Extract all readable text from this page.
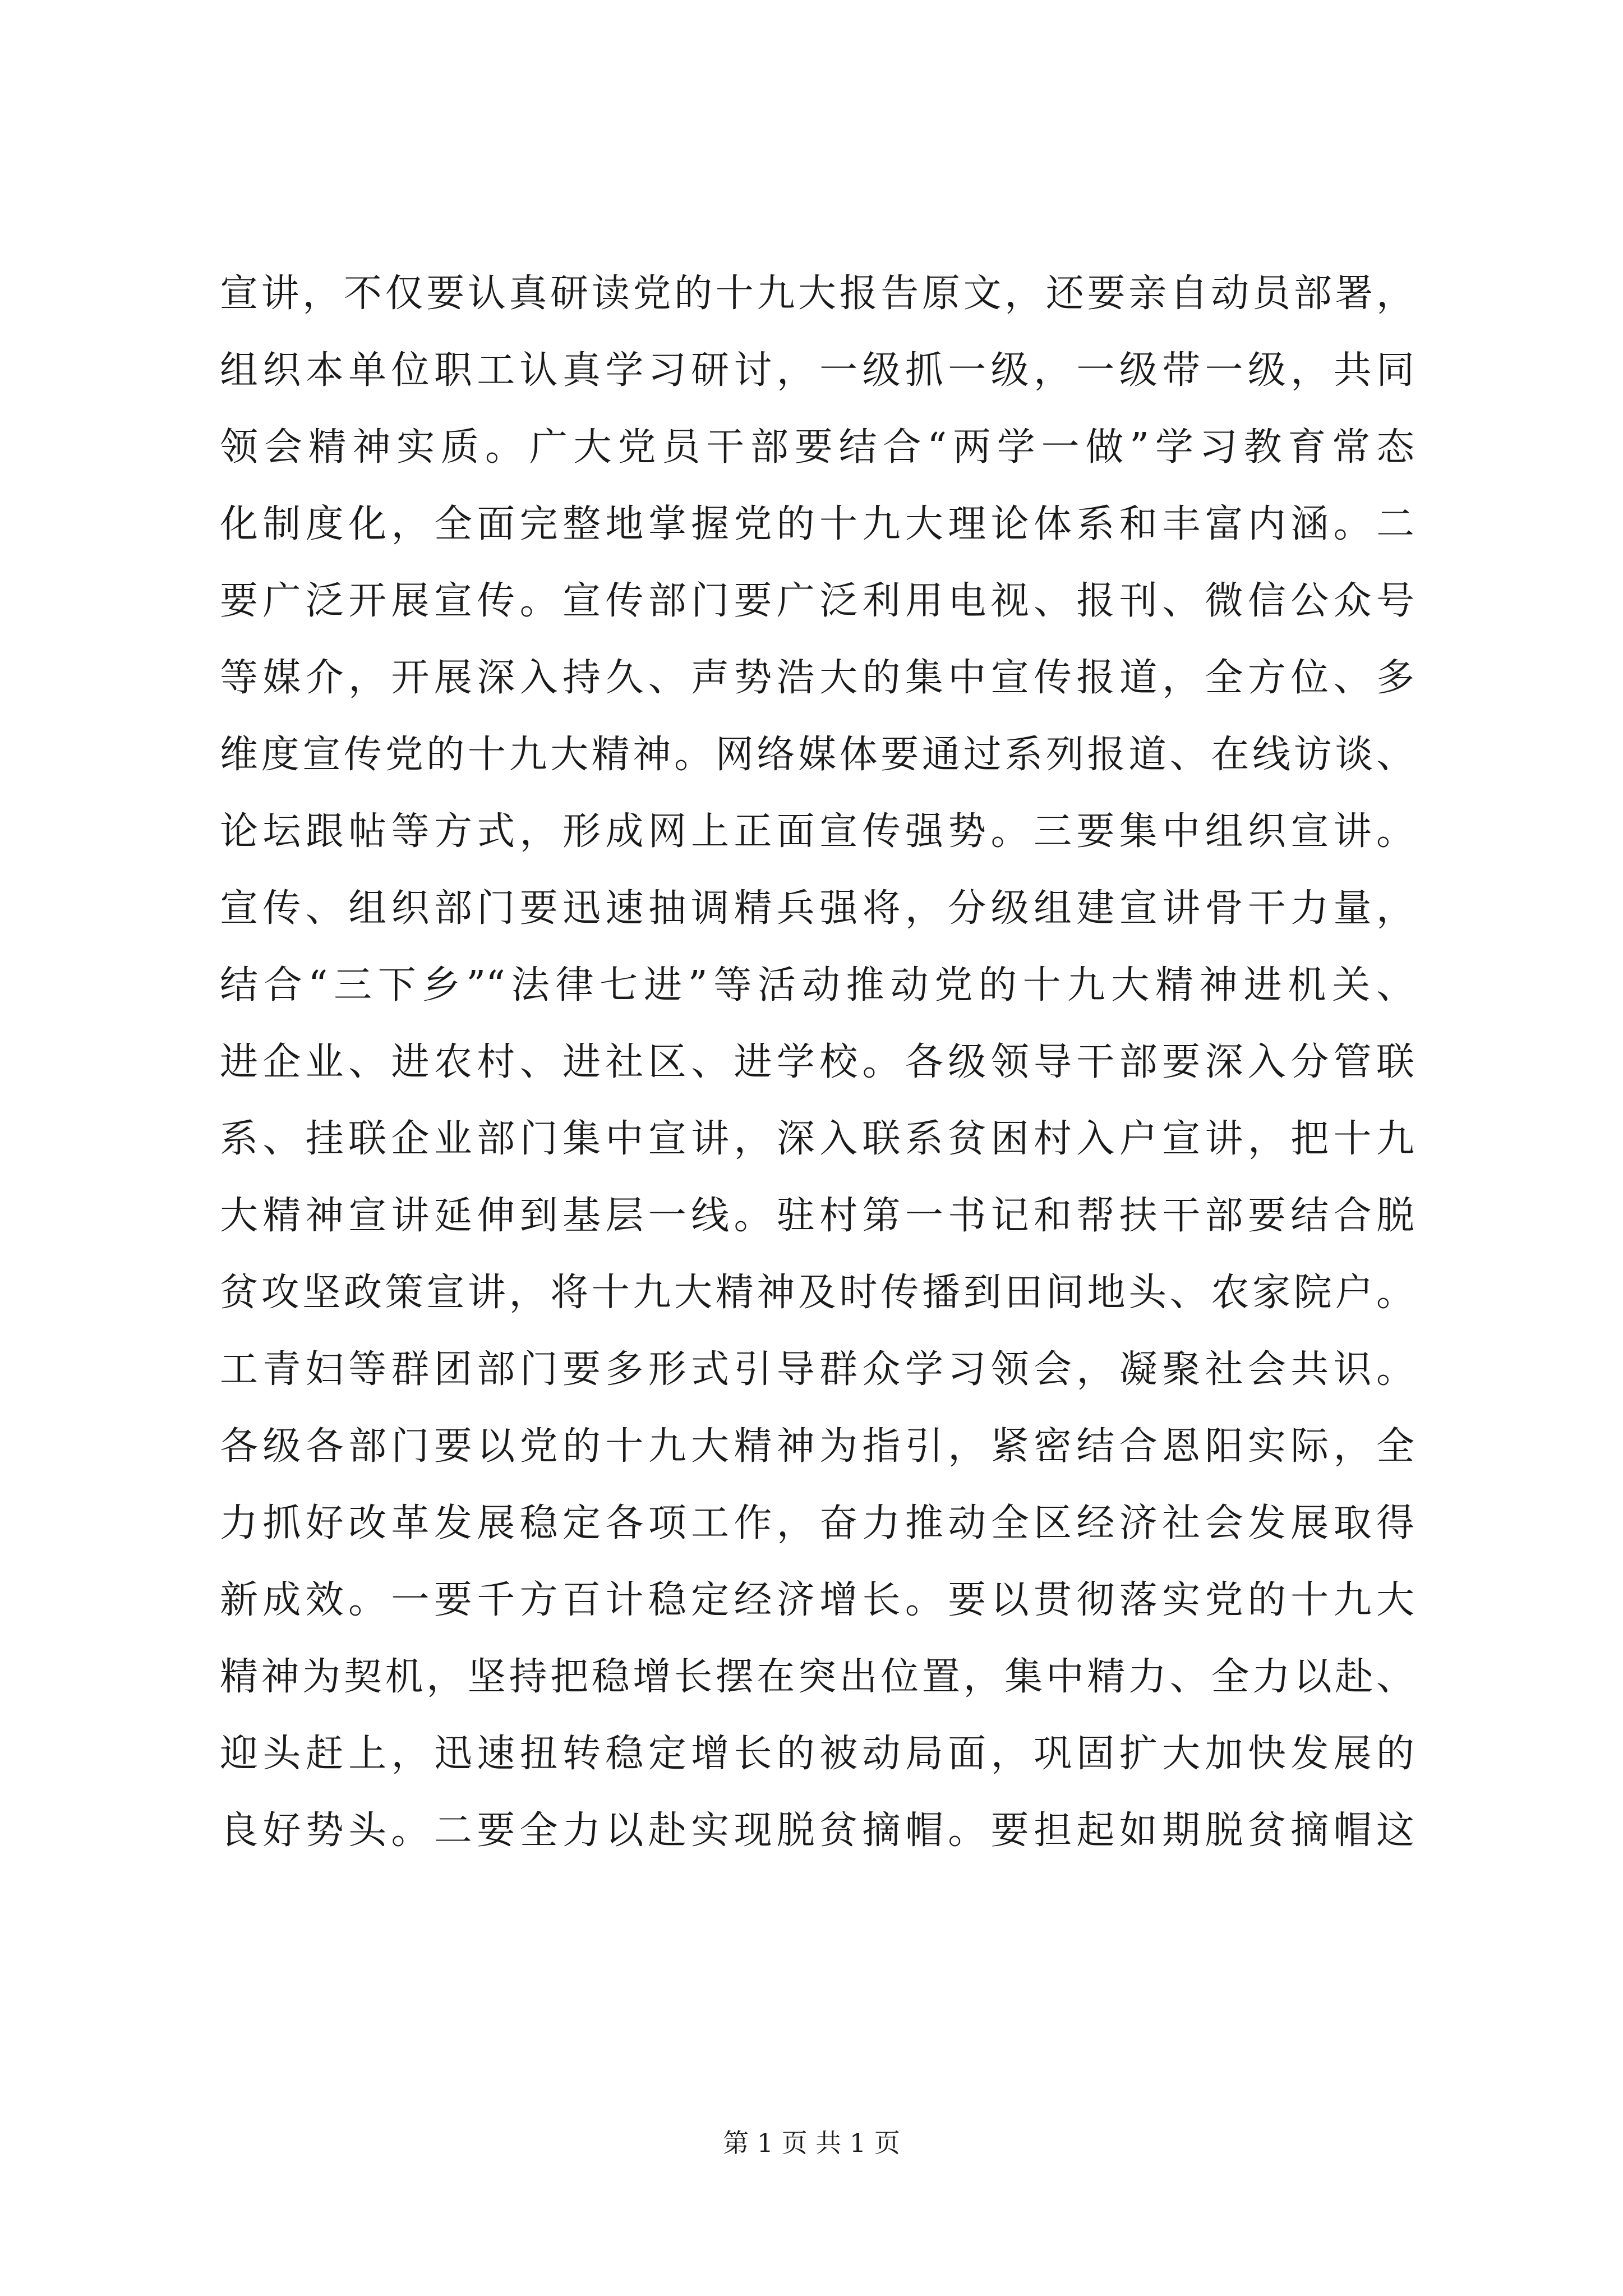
宣讲，不仅要认真研读党的十九大报告原文，还要亲自动员部署，
组织本单位职工认真学习研讨，一级抓一级，一级带一级，共同
领会精神实质。广大党员干部要结合“两学一做”学习教育常态
化制度化，全面完整地掌握党的十九大理论体系和丰富内涵。二
要广泛开展宣传。宣传部门要广泛利用电视、报刊、微信公众号
等媒介，开展深入持久、声势浩大的集中宣传报道，全方位、多
维度宣传党的十九大精神。网络媒体要通过系列报道、在线访谈、
论坛跟帖等方式，形成网上正面宣传强势。三要集中组织宣讲。
宣传、组织部门要迅速抽调精兵强将，分级组建宣讲骨干力量，
结合“三下乡”“法律七进”等活动推动党的十九大精神进机关、
进企业、进农村、进社区、进学校。各级领导干部要深入分管联
系、挂联企业部门集中宣讲，深入联系贫困村入户宣讲，把十九
大精神宣讲延伸到基层一线。驻村第一书记和帮扶干部要结合脱
贫攻坚政策宣讲，将十九大精神及时传播到田间地头、农家院户。
工青妇等群团部门要多形式引导群众学习领会，凝聚社会共识。
各级各部门要以党的十九大精神为指引，紧密结合恩阳实际，全
力抓好改革发展稳定各项工作，奋力推动全区经济社会发展取得
新成效。一要千方百计稳定经济增长。要以贯彻落实党的十九大
精神为契机，坚持把稳增长摆在突出位置，集中精力、全力以赴、
迎头赶上，迅速扭转稳定增长的被动局面，巩固扩大加快发展的
良好势头。二要全力以赴实现脱贫摘帽。要担起如期脱贫摘帽这
第 1 页 共 1 页
